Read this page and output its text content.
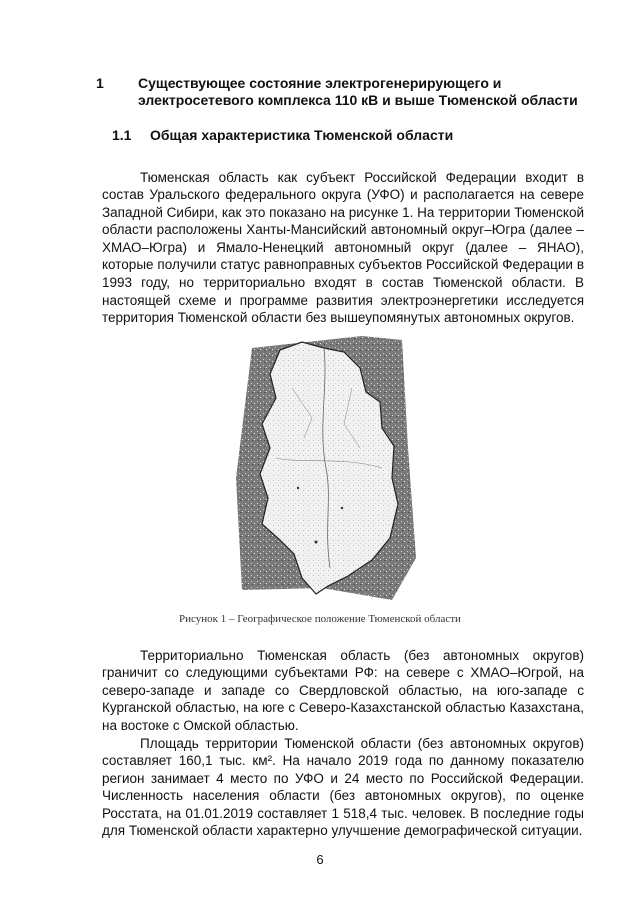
1 Существующее состояние электрогенерирующего и электросетевого комплекса 110 кВ и выше Тюменской области
1.1 Общая характеристика Тюменской области

Тюменская область как субъект Российской Федерации входит в состав Уральского федерального округа (УФО) и располагается на севере Западной Сибири, как это показано на рисунке 1. На территории Тюменской области расположены Ханты-Мансийский автономный округ–Югра (далее – ХМАО–Югра) и Ямало-Ненецкий автономный округ (далее – ЯНАО), которые получили статус равноправных субъектов Российской Федерации в 1993 году, но территориально входят в состав Тюменской области. В настоящей схеме и программе развития электроэнергетики исследуется территория Тюменской области без вышеупомянутых автономных округов.

Рисунок 1 – Географическое положение Тюменской области

Территориально Тюменская область (без автономных округов) граничит со следующими субъектами РФ: на севере с ХМАО–Югрой, на северо-западе и западе со Свердловской областью, на юго-западе с Курганской областью, на юге с Северо-Казахстанской областью Казахстана, на востоке с Омской областью.

Площадь территории Тюменской области (без автономных округов) составляет 160,1 тыс. км². На начало 2019 года по данному показателю регион занимает 4 место по УФО и 24 место по Российской Федерации. Численность населения области (без автономных округов), по оценке Росстата, на 01.01.2019 составляет 1 518,4 тыс. человек. В последние годы для Тюменской области характерно улучшение демографической ситуации.

6
